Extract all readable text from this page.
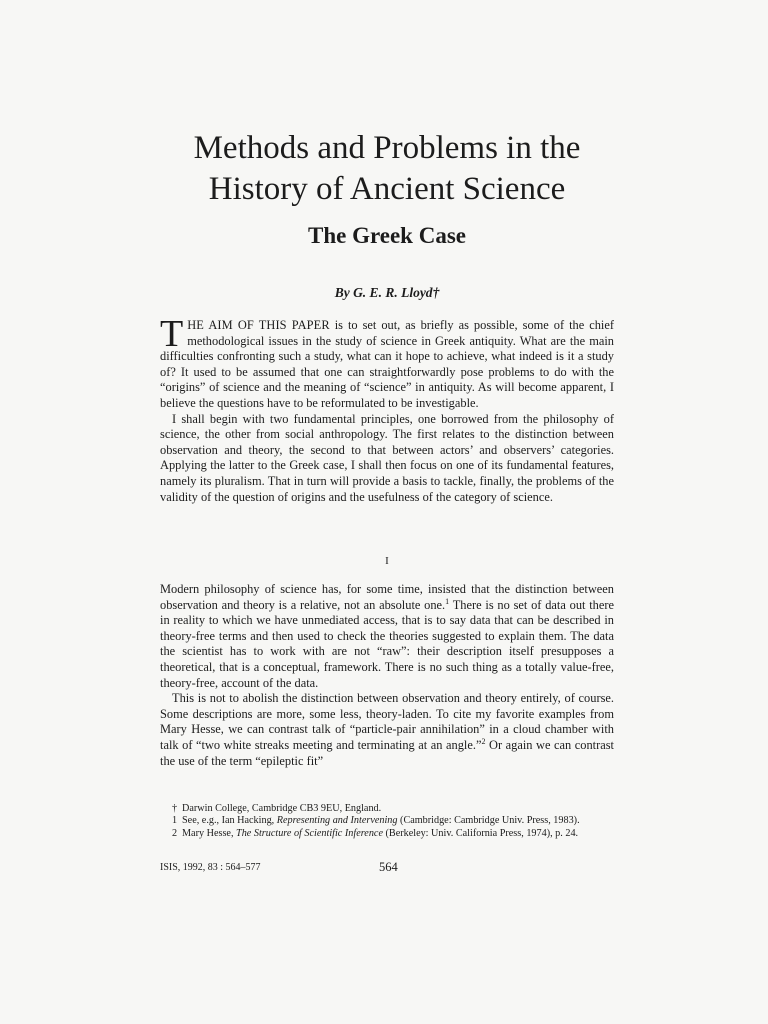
Methods and Problems in the
History of Ancient Science
The Greek Case
By G. E. R. Lloyd†

THE AIM OF THIS PAPER is to set out, as briefly as possible, some of the chief methodological issues in the study of science in Greek antiquity. What are the main difficulties confronting such a study, what can it hope to achieve, what indeed is it a study of? It used to be assumed that one can straightforwardly pose problems to do with the “origins” of science and the meaning of “science” in antiquity. As will become apparent, I believe the questions have to be reformulated to be investigable.

I shall begin with two fundamental principles, one borrowed from the philosophy of science, the other from social anthropology. The first relates to the distinction between observation and theory, the second to that between actors’ and observers’ categories. Applying the latter to the Greek case, I shall then focus on one of its fundamental features, namely its pluralism. That in turn will provide a basis to tackle, finally, the problems of the validity of the question of origins and the usefulness of the category of science.

I

Modern philosophy of science has, for some time, insisted that the distinction between observation and theory is a relative, not an absolute one.$^1$ There is no set of data out there in reality to which we have unmediated access, that is to say data that can be described in theory-free terms and then used to check the theories suggested to explain them. The data the scientist has to work with are not “raw”: their description itself presupposes a theoretical, that is a conceptual, framework. There is no such thing as a totally value-free, theory-free, account of the data.

This is not to abolish the distinction between observation and theory entirely, of course. Some descriptions are more, some less, theory-laden. To cite my favorite examples from Mary Hesse, we can contrast talk of “particle-pair annihilation” in a cloud chamber with talk of “two white streaks meeting and terminating at an angle.”$^2$ Or again we can contrast the use of the term “epileptic fit”

† Darwin College, Cambridge CB3 9EU, England.
1 See, e.g., Ian Hacking, Representing and Intervening (Cambridge: Cambridge Univ. Press, 1983).
2 Mary Hesse, The Structure of Scientific Inference (Berkeley: Univ. California Press, 1974), p. 24.
ISIS, 1992, 83 : 564–577	564
